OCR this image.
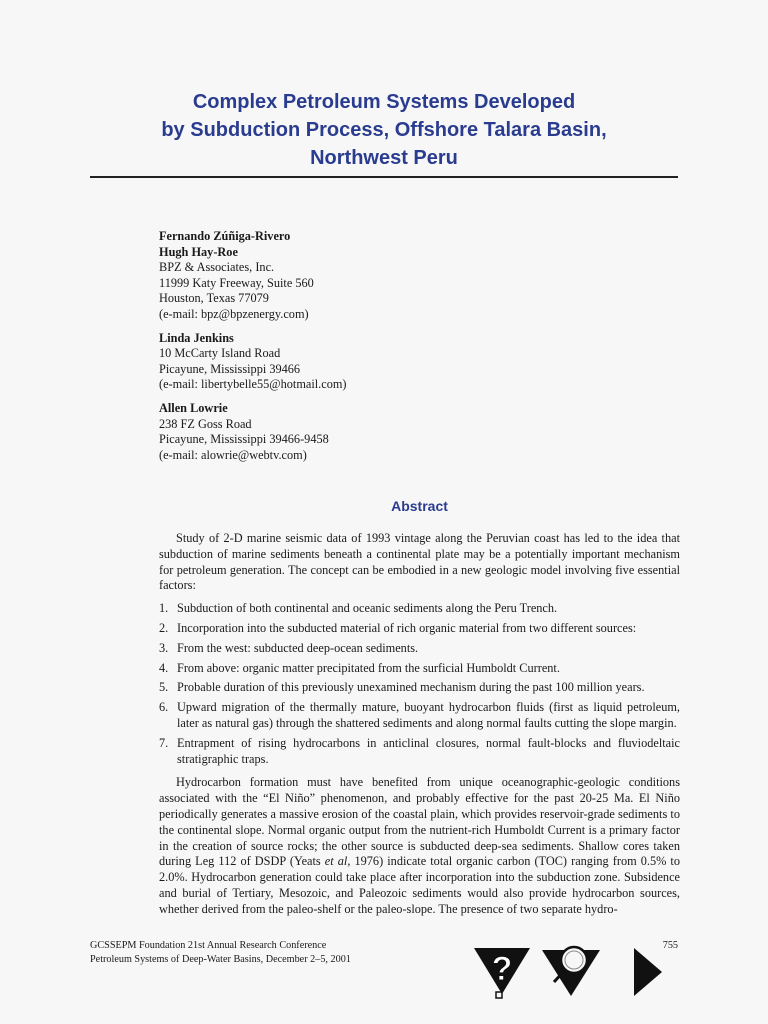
Complex Petroleum Systems Developed
by Subduction Process, Offshore Talara Basin,
Northwest Peru
Fernando Zúñiga-Rivero
Hugh Hay-Roe
BPZ & Associates, Inc.
11999 Katy Freeway, Suite 560
Houston, Texas 77079
(e-mail: bpz@bpzenergy.com)
Linda Jenkins
10 McCarty Island Road
Picayune, Mississippi 39466
(e-mail: libertybelle55@hotmail.com)
Allen Lowrie
238 FZ Goss Road
Picayune, Mississippi 39466-9458
(e-mail: alowrie@webtv.com)
Abstract

Study of 2-D marine seismic data of 1993 vintage along the Peruvian coast has led to the idea that subduction of marine sediments beneath a continental plate may be a potentially important mechanism for petroleum generation. The concept can be embodied in a new geologic model involving five essential factors:

1. Subduction of both continental and oceanic sediments along the Peru Trench.
2. Incorporation into the subducted material of rich organic material from two different sources:
3. From the west: subducted deep-ocean sediments.
4. From above: organic matter precipitated from the surficial Humboldt Current.
5. Probable duration of this previously unexamined mechanism during the past 100 million years.
6. Upward migration of the thermally mature, buoyant hydrocarbon fluids (first as liquid petroleum, later as natural gas) through the shattered sediments and along normal faults cutting the slope margin.
7. Entrapment of rising hydrocarbons in anticlinal closures, normal fault-blocks and fluviodeltaic stratigraphic traps.

Hydrocarbon formation must have benefited from unique oceanographic-geologic conditions associated with the “El Niño” phenomenon, and probably effective for the past 20-25 Ma. El Niño periodically generates a massive erosion of the coastal plain, which provides reservoir-grade sediments to the continental slope. Normal organic output from the nutrient-rich Humboldt Current is a primary factor in the creation of source rocks; the other source is subducted deep-sea sediments. Shallow cores taken during Leg 112 of DSDP (Yeats et al, 1976) indicate total organic carbon (TOC) ranging from 0.5% to 2.0%. Hydrocarbon generation could take place after incorporation into the subduction zone. Subsidence and burial of Tertiary, Mesozoic, and Paleozoic sediments would also provide hydrocarbon sources, whether derived from the paleo-shelf or the paleo-slope. The presence of two separate hydro-

GCSSEPM Foundation 21st Annual Research Conference
Petroleum Systems of Deep-Water Basins, December 2–5, 2001
755
?
